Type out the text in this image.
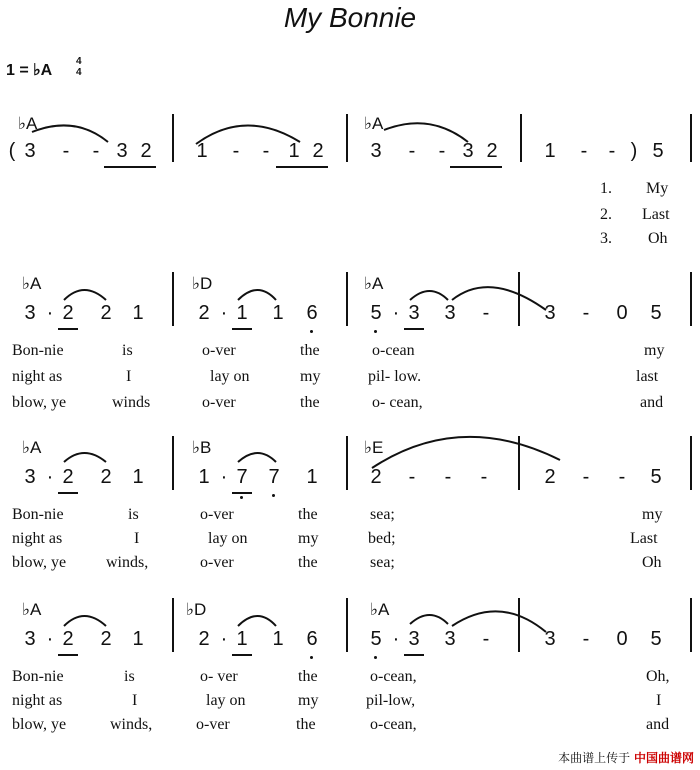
My Bonnie
1 = ♭A
4
4
♭A	♭A
( 3	-	- 3 2 1	-	- 1 2 3	-	- 3 2 1	-	- ) 5
1. My
2. Last
3. Oh
♭A	♭D	♭A
3 · 2 2 1	2 · 1 1 6	5 · 3 3	-	3	-	0 5
Bon-nie	is	o-ver	the	o-cean	my
night as	I	lay on	my	pil- low.	last
blow, ye	winds	o-ver	the	o- cean,	and
♭A	♭B	♭E
3 · 2 2 1	1 · 7 7 1	2	-	-	-	2	-	-	5
Bon-nie	is	o-ver	the	sea;	my
night as	I	lay on	my	bed;	Last
blow, ye winds,	o-ver	the	sea;	Oh
♭A	♭D	♭A
3 · 2 2 1	2 · 1 1 6	5 · 3 3	-	3	-	0 5
Bon-nie	is	o- ver	the	o-cean,	Oh,
night as	I	lay on	my	pil-low,	I
blow, ye	winds,	o-ver	the	o-cean,	and
本曲谱上传于 中国曲谱网
